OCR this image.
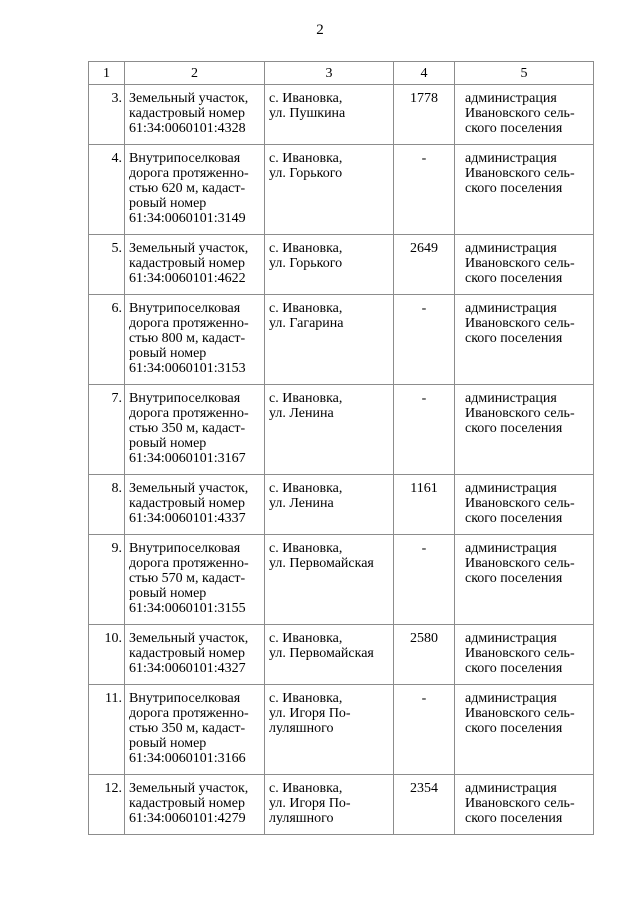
2
1	2	3	4	5
3.	Земельный участок,
кадастровый номер
61:34:0060101:4328	с. Ивановка,
ул. Пушкина	1778	администрация
Ивановского сель-
ского поселения
4.	Внутрипоселковая
дорога протяженно-
стью 620 м, кадаст-
ровый номер
61:34:0060101:3149	с. Ивановка,
ул. Горького	-	администрация
Ивановского сель-
ского поселения
5.	Земельный участок,
кадастровый номер
61:34:0060101:4622	с. Ивановка,
ул. Горького	2649	администрация
Ивановского сель-
ского поселения
6.	Внутрипоселковая
дорога протяженно-
стью 800 м, кадаст-
ровый номер
61:34:0060101:3153	с. Ивановка,
ул. Гагарина	-	администрация
Ивановского сель-
ского поселения
7.	Внутрипоселковая
дорога протяженно-
стью 350 м, кадаст-
ровый номер
61:34:0060101:3167	с. Ивановка,
ул. Ленина	-	администрация
Ивановского сель-
ского поселения
8.	Земельный участок,
кадастровый номер
61:34:0060101:4337	с. Ивановка,
ул. Ленина	1161	администрация
Ивановского сель-
ского поселения
9.	Внутрипоселковая
дорога протяженно-
стью 570 м, кадаст-
ровый номер
61:34:0060101:3155	с. Ивановка,
ул. Первомайская	-	администрация
Ивановского сель-
ского поселения
10.	Земельный участок,
кадастровый номер
61:34:0060101:4327	с. Ивановка,
ул. Первомайская	2580	администрация
Ивановского сель-
ского поселения
11.	Внутрипоселковая
дорога протяженно-
стью 350 м, кадаст-
ровый номер
61:34:0060101:3166	с. Ивановка,
ул. Игоря По-
луляшного	-	администрация
Ивановского сель-
ского поселения
12.	Земельный участок,
кадастровый номер
61:34:0060101:4279	с. Ивановка,
ул. Игоря По-
луляшного	2354	администрация
Ивановского сель-
ского поселения
